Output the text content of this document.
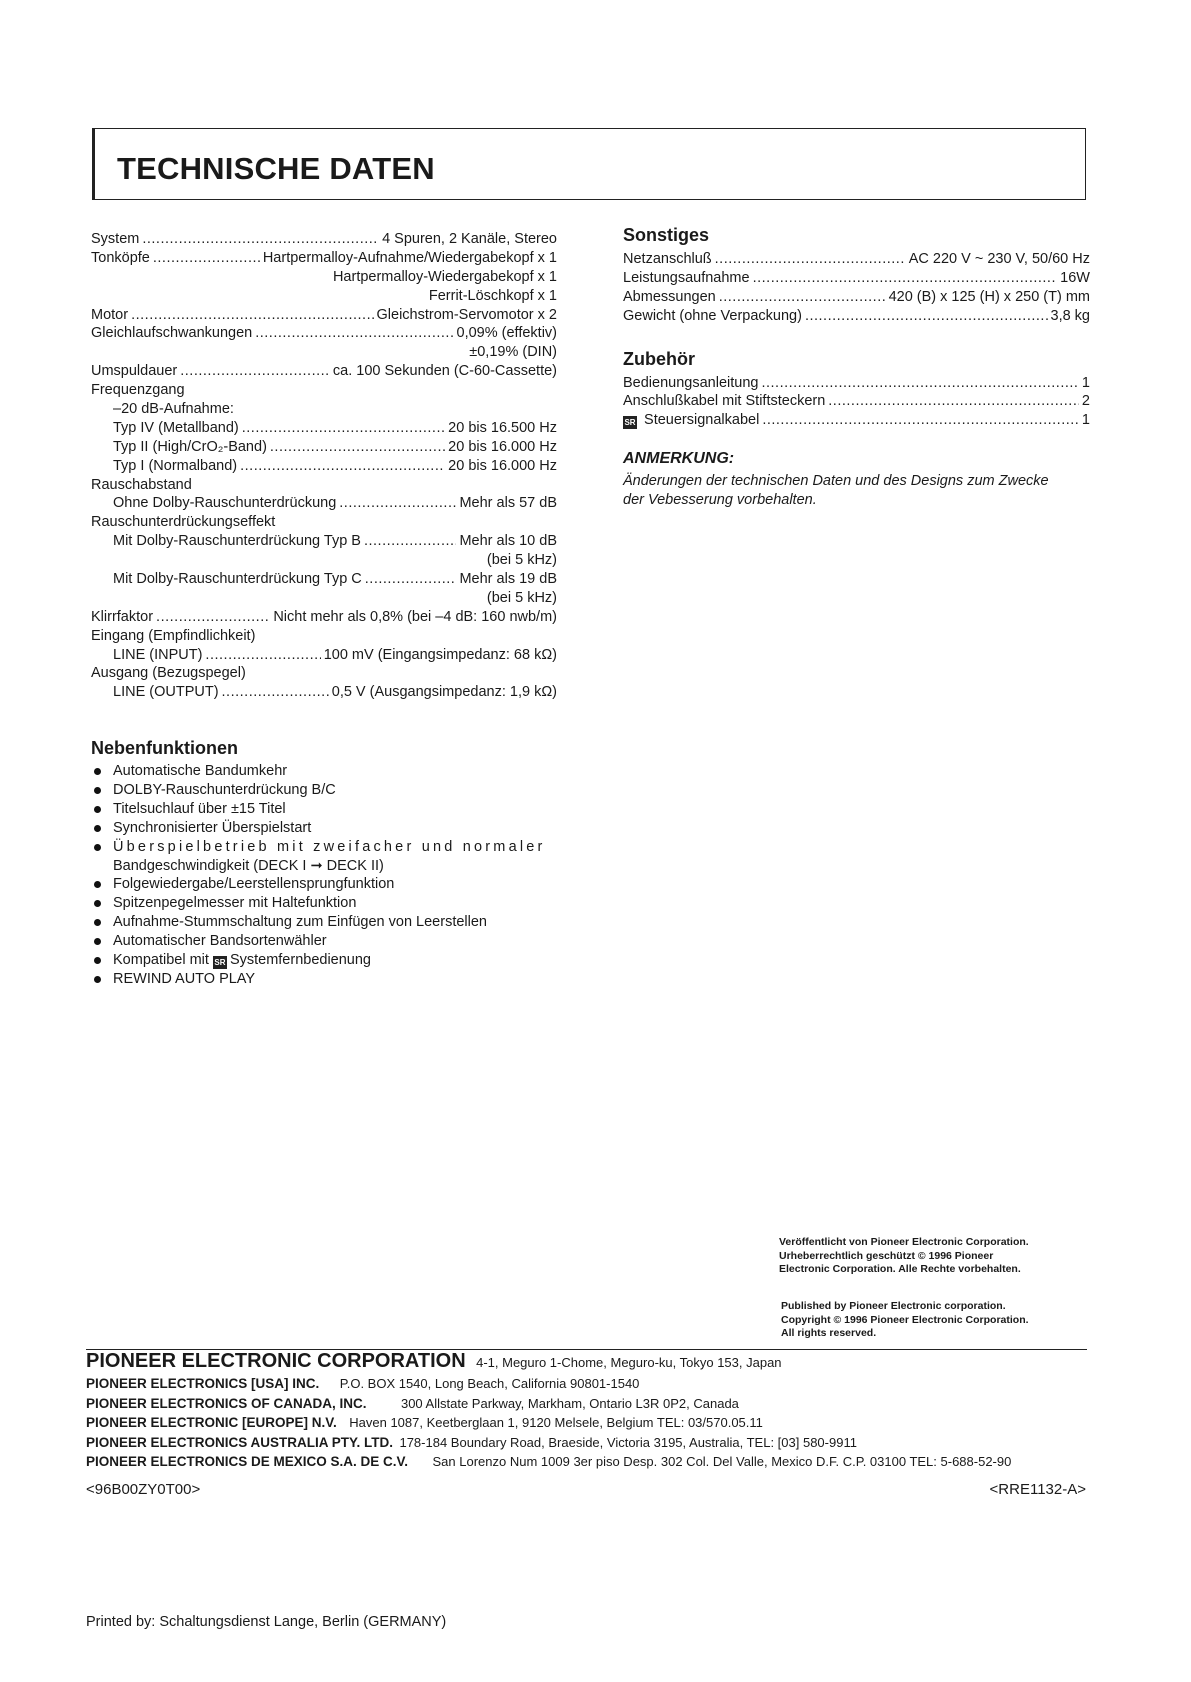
TECHNISCHE DATEN
System .....	4 Spuren, 2 Kanäle, Stereo
Tonköpfe .....	Hartpermalloy-Aufnahme/Wiedergabekopf x 1
Hartpermalloy-Wiedergabekopf x 1
Ferrit-Löschkopf x 1
Motor .....	Gleichstrom-Servomotor x 2
Gleichlaufschwankungen .....	0,09% (effektiv)
±0,19% (DIN)
Umspuldauer .....	ca. 100 Sekunden (C-60-Cassette)
Frequenzgang
–20 dB-Aufnahme:
Typ IV (Metallband) .....	20 bis 16.500 Hz
Typ II (High/CrO₂-Band) .....	20 bis 16.000 Hz
Typ I (Normalband) .....	20 bis 16.000 Hz
Rauschabstand
Ohne Dolby-Rauschunterdrückung .....	Mehr als 57 dB
Rauschunterdrückungseffekt
Mit Dolby-Rauschunterdrückung Typ B .....	Mehr als 10 dB
(bei 5 kHz)
Mit Dolby-Rauschunterdrückung Typ C .....	Mehr als 19 dB
(bei 5 kHz)
Klirrfaktor .....	Nicht mehr als 0,8% (bei –4 dB: 160 nwb/m)
Eingang (Empfindlichkeit)
LINE (INPUT) .....	100 mV (Eingangsimpedanz: 68 kΩ)
Ausgang (Bezugspegel)
LINE (OUTPUT) .....	0,5 V (Ausgangsimpedanz: 1,9 kΩ)
Nebenfunktionen
Automatische Bandumkehr
DOLBY-Rauschunterdrückung B/C
Titelsuchlauf über ±15 Titel
Synchronisierter Überspielstart
Überspielbetrieb mit zweifacher und normaler
Bandgeschwindigkeit (DECK I ➞ DECK II)
Folgewiedergabe/Leerstellensprungfunktion
Spitzenpegelmesser mit Haltefunktion
Aufnahme-Stummschaltung zum Einfügen von Leerstellen
Automatischer Bandsortenwähler
Kompatibel mit SR Systemfernbedienung
REWIND AUTO PLAY
Sonstiges
Netzanschluß .....	AC 220 V ~ 230 V, 50/60 Hz
Leistungsaufnahme .....	16W
Abmessungen .....	420 (B) x 125 (H) x 250 (T) mm
Gewicht (ohne Verpackung) .....	3,8 kg
Zubehör
Bedienungsanleitung .....	1
Anschlußkabel mit Stiftsteckern .....	2
SR Steuersignalkabel .....	1
ANMERKUNG:
Änderungen der technischen Daten und des Designs zum Zwecke
der Vebesserung vorbehalten.
Veröffentlicht von Pioneer Electronic Corporation.
Urheberrechtlich geschützt © 1996 Pioneer
Electronic Corporation. Alle Rechte vorbehalten.
Published by Pioneer Electronic corporation.
Copyright © 1996 Pioneer Electronic Corporation.
All rights reserved.
PIONEER ELECTRONIC CORPORATION 4-1, Meguro 1-Chome, Meguro-ku, Tokyo 153, Japan
PIONEER ELECTRONICS [USA] INC. P.O. BOX 1540, Long Beach, California 90801-1540
PIONEER ELECTRONICS OF CANADA, INC.	300 Allstate Parkway, Markham, Ontario L3R 0P2, Canada
PIONEER ELECTRONIC [EUROPE] N.V. Haven 1087, Keetberglaan 1, 9120 Melsele, Belgium TEL: 03/570.05.11
PIONEER ELECTRONICS AUSTRALIA PTY. LTD. 178-184 Boundary Road, Braeside, Victoria 3195, Australia, TEL: [03] 580-9911
PIONEER ELECTRONICS DE MEXICO S.A. DE C.V. San Lorenzo Num 1009 3er piso Desp. 302 Col. Del Valle, Mexico D.F. C.P. 03100 TEL: 5-688-52-90
<96B00ZY0T00>	<RRE1132-A>
Printed by: Schaltungsdienst Lange, Berlin (GERMANY)
